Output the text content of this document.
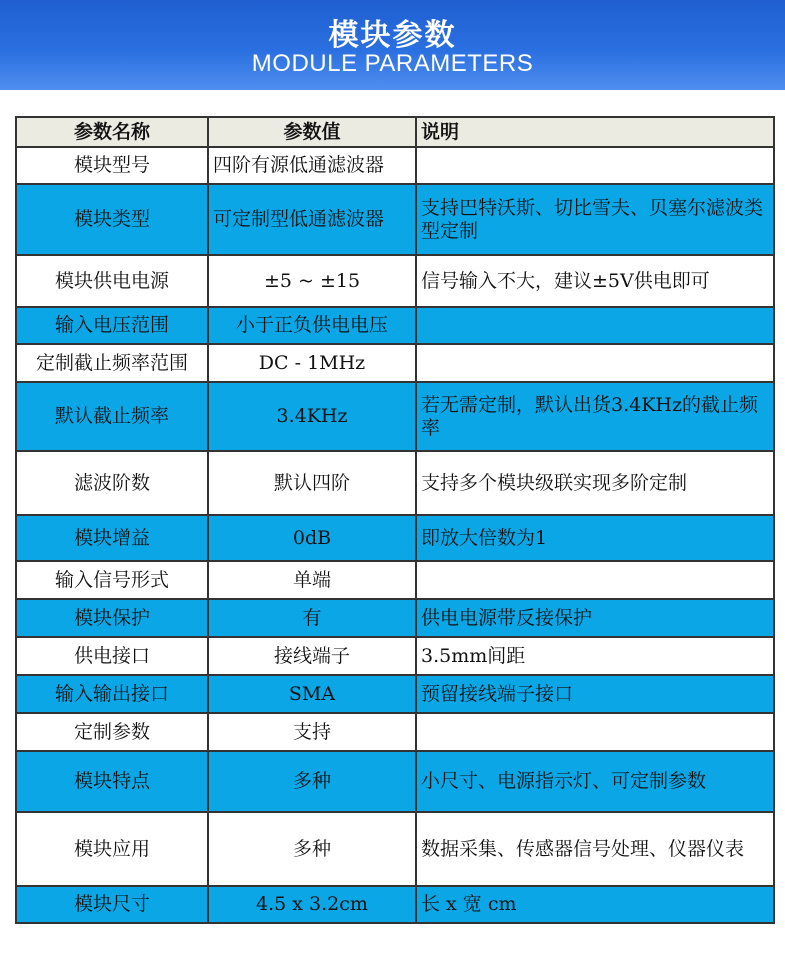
模块参数
MODULE PARAMETERS
参数名称	参数值	说明
模块型号	四阶有源低通滤波器	
模块类型	可定制型低通滤波器	支持巴特沃斯、切比雪夫、贝塞尔滤波类型定制
模块供电电源	±5 ~ ±15	信号输入不大，建议±5V供电即可
输入电压范围	小于正负供电电压	
定制截止频率范围	DC - 1MHz	
默认截止频率	3.4KHz	若无需定制，默认出货3.4KHz的截止频率
滤波阶数	默认四阶	支持多个模块级联实现多阶定制
模块增益	0dB	即放大倍数为1
输入信号形式	单端	
模块保护	有	供电电源带反接保护
供电接口	接线端子	3.5mm间距
输入输出接口	SMA	预留接线端子接口
定制参数	支持	
模块特点	多种	小尺寸、电源指示灯、可定制参数
模块应用	多种	数据采集、传感器信号处理、仪器仪表
模块尺寸	4.5 x 3.2cm	长 x 宽 cm
